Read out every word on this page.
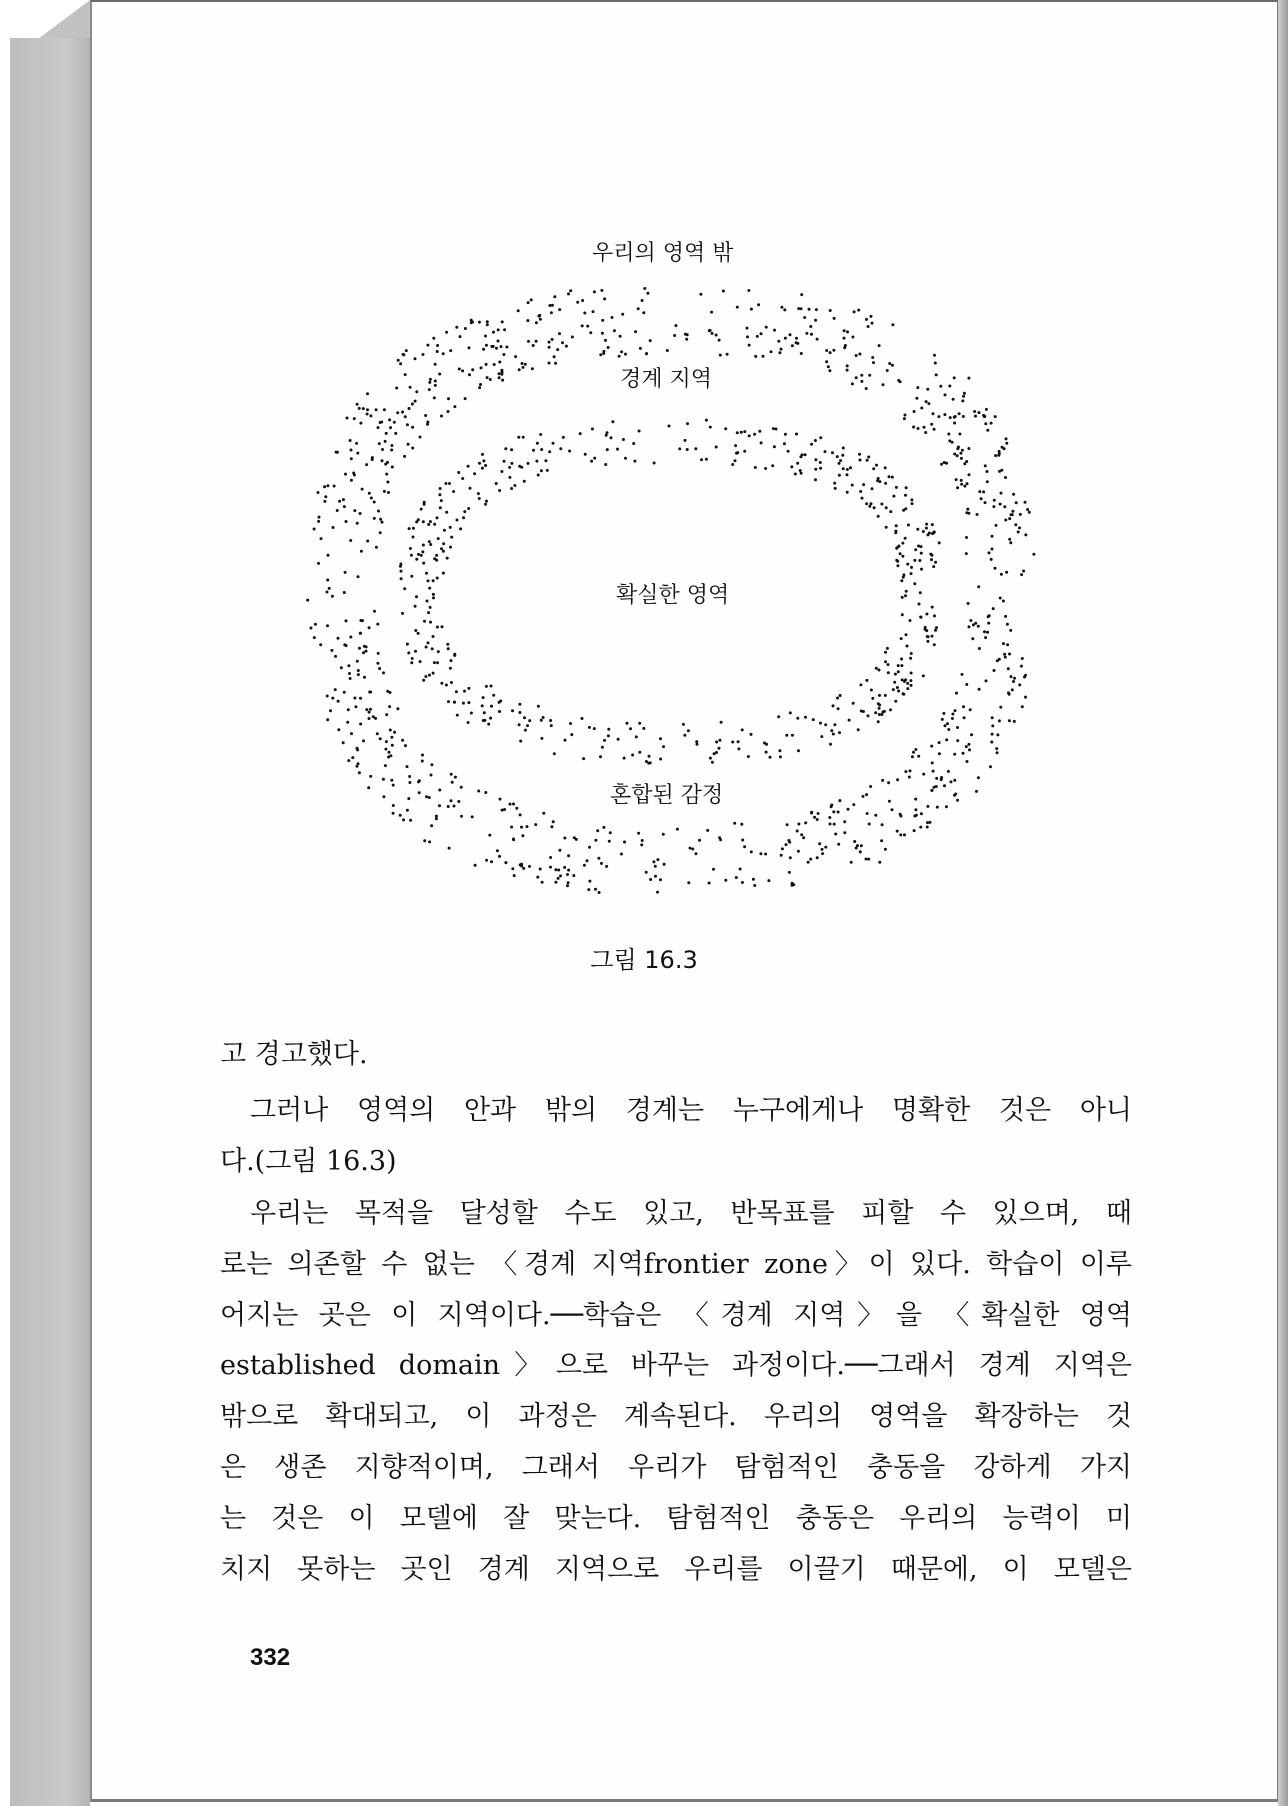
우리의 영역 밖
경계 지역
확실한 영역
혼합된 감정
그림 16.3
고 경고했다.
그러나 영역의 안과 밖의 경계는 누구에게나 명확한 것은 아니
다.(그림 16.3)
우리는 목적을 달성할 수도 있고, 반목표를 피할 수 있으며, 때
로는 의존할 수 없는 〈경계 지역frontier zone〉이 있다. 학습이 이루
어지는 곳은 이 지역이다.──학습은 〈경계 지역〉을 〈확실한 영역
established domain〉으로 바꾸는 과정이다.──그래서 경계 지역은
밖으로 확대되고, 이 과정은 계속된다. 우리의 영역을 확장하는 것
은 생존 지향적이며, 그래서 우리가 탐험적인 충동을 강하게 가지
는 것은 이 모델에 잘 맞는다. 탐험적인 충동은 우리의 능력이 미
치지 못하는 곳인 경계 지역으로 우리를 이끌기 때문에, 이 모델은
332
